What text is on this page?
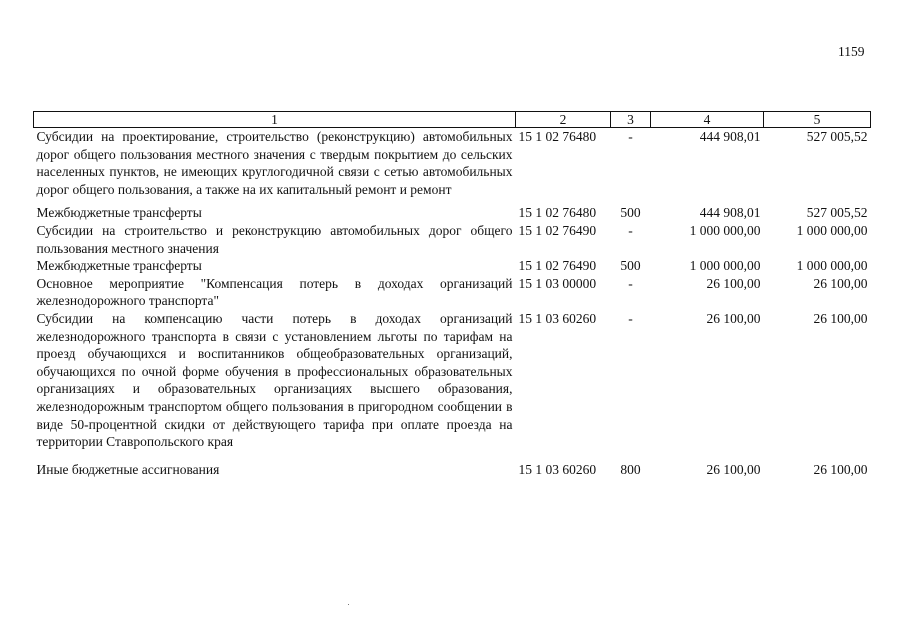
1159
1	2	3	4	5
Субсидии на проектирование, строительство (реконструкцию) автомобильных дорог общего пользования местного значения с твердым покрытием до сельских населенных пунктов, не имеющих круглогодичной связи с сетью автомобильных дорог общего пользования, а также на их капитальный ремонт и ремонт	15 1 02 76480	-	444 908,01	527 005,52
Межбюджетные трансферты	15 1 02 76480	500	444 908,01	527 005,52
Субсидии на строительство и реконструкцию автомобильных дорог общего пользования местного значения	15 1 02 76490	-	1 000 000,00	1 000 000,00
Межбюджетные трансферты	15 1 02 76490	500	1 000 000,00	1 000 000,00
Основное мероприятие "Компенсация потерь в доходах организаций железнодорожного транспорта"	15 1 03 00000	-	26 100,00	26 100,00
Субсидии на компенсацию части потерь в доходах организаций железнодорожного транспорта в связи с установлением льготы по тарифам на проезд обучающихся и воспитанников общеобразовательных организаций, обучающихся по очной форме обучения в профессиональных образовательных организациях и образовательных организациях высшего образования, железнодорожным транспортом общего пользования в пригородном сообщении в виде 50-процентной скидки от действующего тарифа при оплате проезда на территории Ставропольского края	15 1 03 60260	-	26 100,00	26 100,00
Иные бюджетные ассигнования	15 1 03 60260	800	26 100,00	26 100,00
